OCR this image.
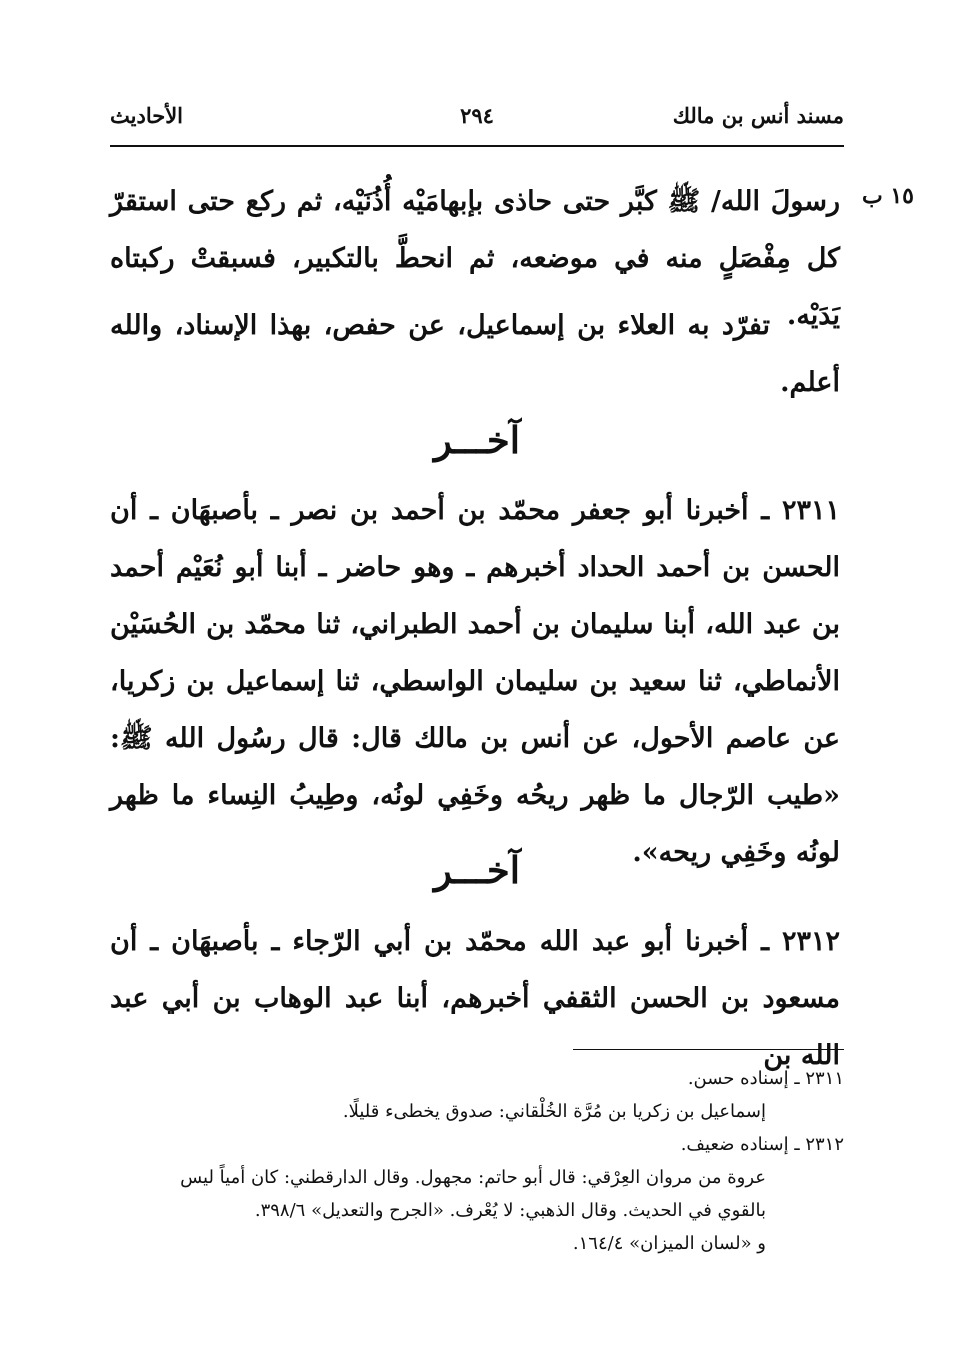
مسند أنس بن مالك
٢٩٤
الأحاديث
١٥ ب
رسولَ الله/ ﷺ كبَّر حتى حاذى بإبهامَيْه أُذُنَيْه، ثم ركع حتى استقرّ كل مِفْصَلٍ منه في موضعه، ثم انحطَّ بالتكبير، فسبقتْ ركبتاه يَدَيْه.
تفرّد به العلاء بن إسماعيل، عن حفص، بهذا الإسناد، والله أعلم.
آخـــر
٢٣١١ ـ أخبرنا أبو جعفر محمّد بن أحمد بن نصر ـ بأصبهَان ـ أن الحسن بن أحمد الحداد أخبرهم ـ وهو حاضر ـ أبنا أبو نُعَيْم أحمد بن عبد الله، أبنا سليمان بن أحمد الطبراني، ثنا محمّد بن الحُسَيْن الأنماطي، ثنا سعيد بن سليمان الواسطي، ثنا إسماعيل بن زكريا، عن عاصم الأحول، عن أنس بن مالك قال: قال رسُول الله ﷺ: «طيب الرّجال ما ظهر ريحُه وخَفِي لونُه، وطِيبُ النِساء ما ظهر لونُه وخَفِي ريحه».
آخـــر
٢٣١٢ ـ أخبرنا أبو عبد الله محمّد بن أبي الرّجاء ـ بأصبهَان ـ أن مسعود بن الحسن الثقفي أخبرهم، أبنا عبد الوهاب بن أبي عبد الله بن
٢٣١١ ـ إسناده حسن.
إسماعيل بن زكريا بن مُرَّة الخُلْقاني: صدوق يخطىء قليلًا.
٢٣١٢ ـ إسناده ضعيف.
عروة من مروان العِرْقي: قال أبو حاتم: مجهول. وقال الدارقطني: كان أمياً ليس
بالقوي في الحديث. وقال الذهبي: لا يُعْرف. «الجرح والتعديل» ٣٩٨/٦.
و «لسان الميزان» ١٦٤/٤.
